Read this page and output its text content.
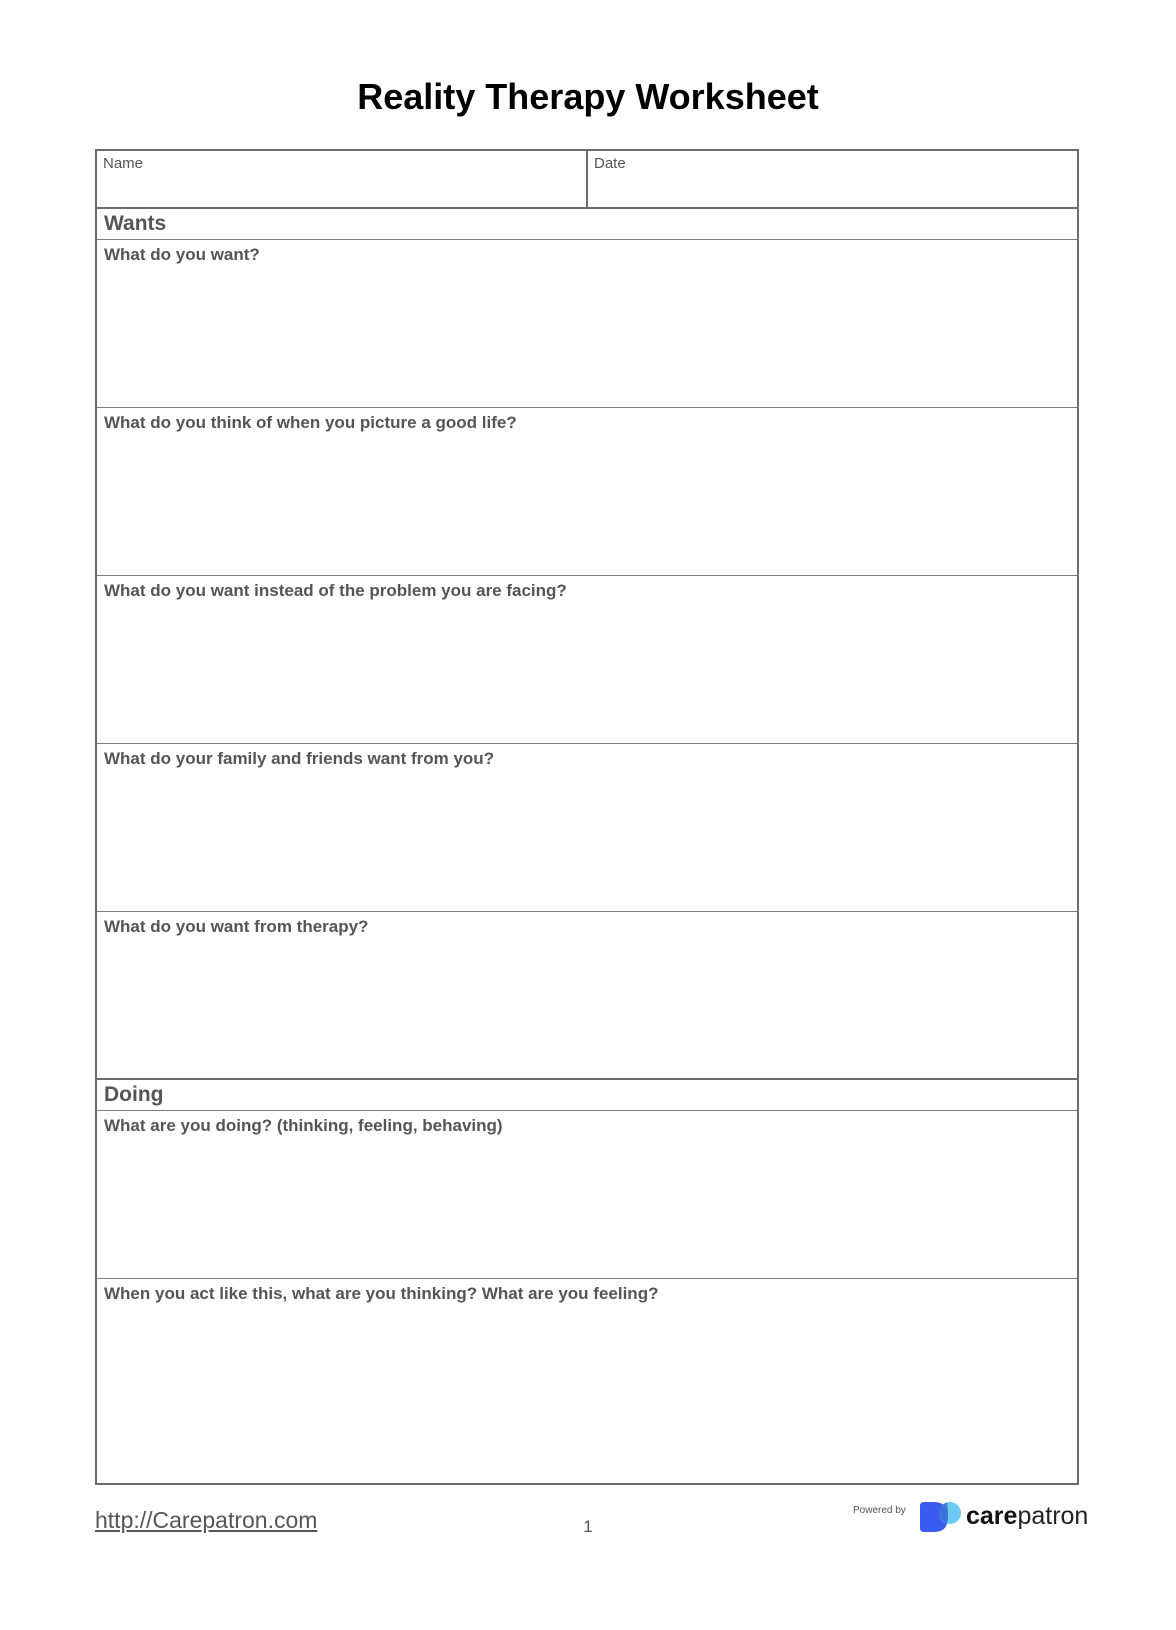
Reality Therapy Worksheet
Name	Date
Wants
What do you want?
What do you think of when you picture a good life?
What do you want instead of the problem you are facing?
What do your family and friends want from you?
What do you want from therapy?
Doing
What are you doing? (thinking, feeling, behaving)
When you act like this, what are you thinking? What are you feeling?
http://Carepatron.com	1
Powered by carepatron
